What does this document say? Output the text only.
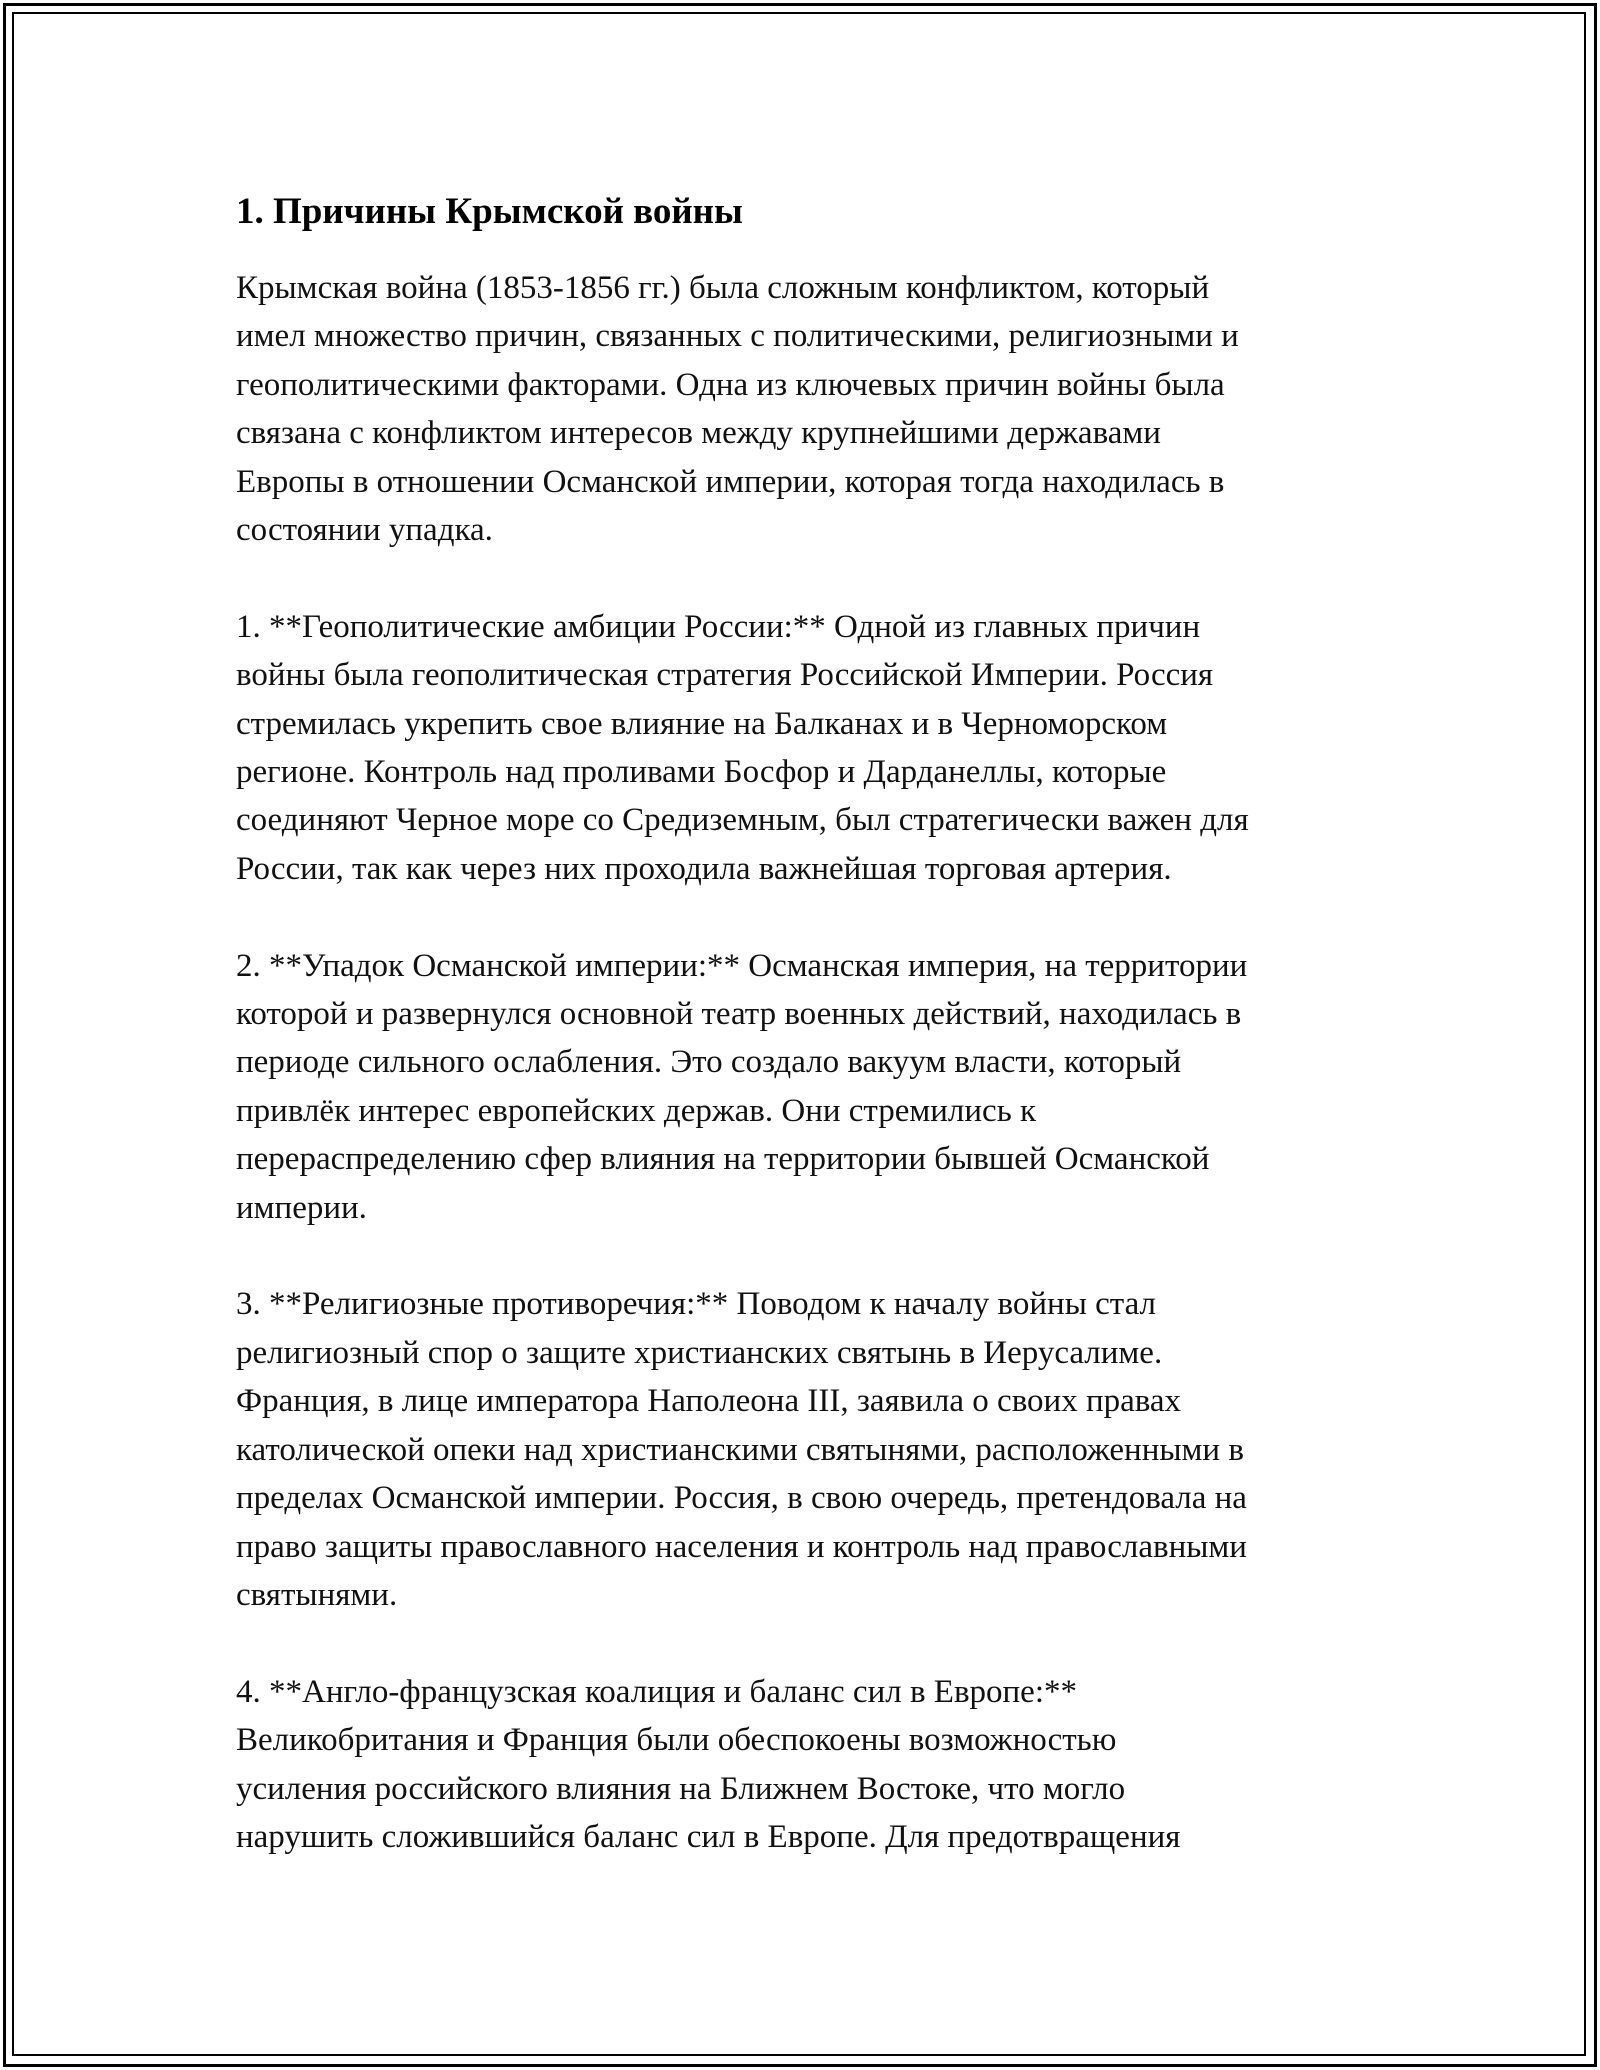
1. Причины Крымской войны

Крымская война (1853-1856 гг.) была сложным конфликтом, который
имел множество причин, связанных с политическими, религиозными и
геополитическими факторами. Одна из ключевых причин войны была
связана с конфликтом интересов между крупнейшими державами
Европы в отношении Османской империи, которая тогда находилась в
состоянии упадка.

1. **Геополитические амбиции России:** Одной из главных причин
войны была геополитическая стратегия Российской Империи. Россия
стремилась укрепить свое влияние на Балканах и в Черноморском
регионе. Контроль над проливами Босфор и Дарданеллы, которые
соединяют Черное море со Средиземным, был стратегически важен для
России, так как через них проходила важнейшая торговая артерия.

2. **Упадок Османской империи:** Османская империя, на территории
которой и развернулся основной театр военных действий, находилась в
периоде сильного ослабления. Это создало вакуум власти, который
привлёк интерес европейских держав. Они стремились к
перераспределению сфер влияния на территории бывшей Османской
империи.

3. **Религиозные противоречия:** Поводом к началу войны стал
религиозный спор о защите христианских святынь в Иерусалиме.
Франция, в лице императора Наполеона III, заявила о своих правах
католической опеки над христианскими святынями, расположенными в
пределах Османской империи. Россия, в свою очередь, претендовала на
право защиты православного населения и контроль над православными
святынями.

4. **Англо-французская коалиция и баланс сил в Европе:**
Великобритания и Франция были обеспокоены возможностью
усиления российского влияния на Ближнем Востоке, что могло
нарушить сложившийся баланс сил в Европе. Для предотвращения
